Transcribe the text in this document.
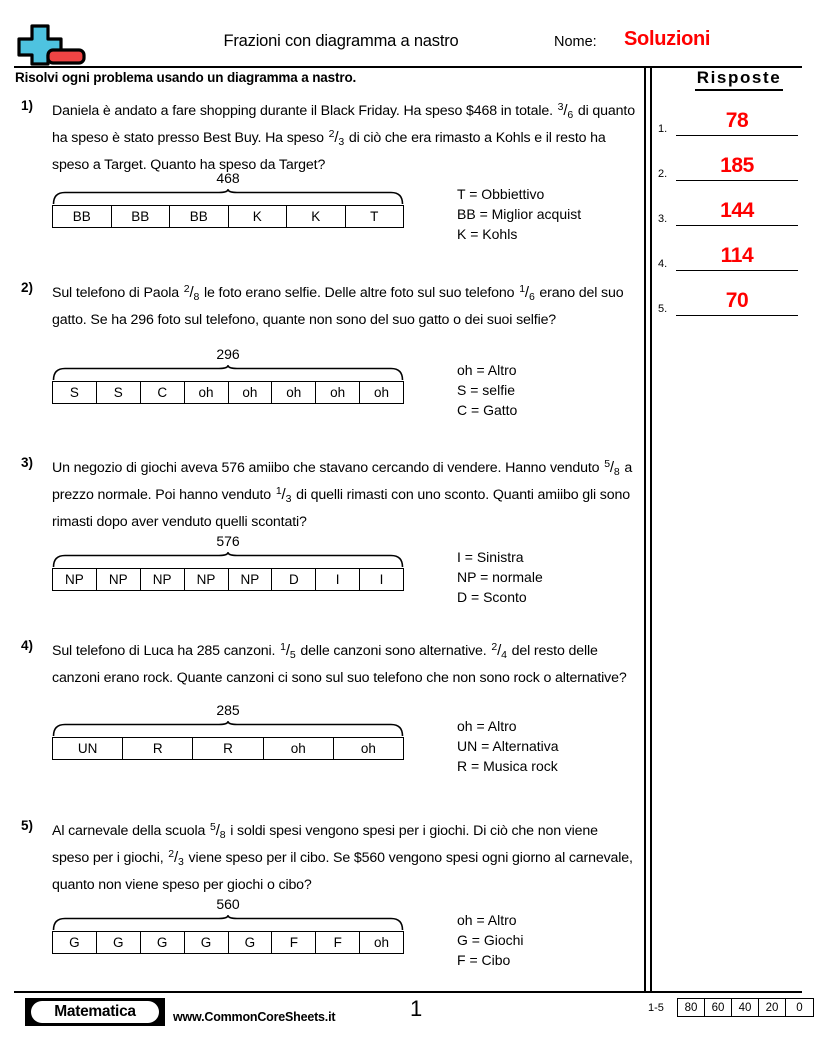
Frazioni con diagramma a nastro	Nome: Soluzioni
Risolvi ogni problema usando un diagramma a nastro.	Risposte
1.	78
2.	185
3.	144
4.	114
5.	70
1) Daniela è andato a fare shopping durante il Black Friday. Ha speso $468 in totale. $^3/_6$ di quanto ha speso è stato presso Best Buy. Ha speso $^2/_3$ di ciò che era rimasto a Kohls e il resto ha speso a Target. Quanto ha speso da Target?
468
BB	BB	BB	K	K	T
T = Obbiettivo
BB = Miglior acquist
K = Kohls
2) Sul telefono di Paola $^2/_8$ le foto erano selfie. Delle altre foto sul suo telefono $^1/_6$ erano del suo gatto. Se ha 296 foto sul telefono, quante non sono del suo gatto o dei suoi selfie?
296
S	S	C	oh	oh	oh	oh	oh
oh = Altro
S = selfie
C = Gatto
3) Un negozio di giochi aveva 576 amiibo che stavano cercando di vendere. Hanno venduto $^5/_8$ a prezzo normale. Poi hanno venduto $^1/_3$ di quelli rimasti con uno sconto. Quanti amiibo gli sono rimasti dopo aver venduto quelli scontati?
576
NP	NP	NP	NP	NP	D	I	I
I = Sinistra
NP = normale
D = Sconto
4) Sul telefono di Luca ha 285 canzoni. $^1/_5$ delle canzoni sono alternative. $^2/_4$ del resto delle canzoni erano rock. Quante canzoni ci sono sul suo telefono che non sono rock o alternative?
285
UN	R	R	oh	oh
oh = Altro
UN = Alternativa
R = Musica rock
5) Al carnevale della scuola $^5/_8$ i soldi spesi vengono spesi per i giochi. Di ciò che non viene speso per i giochi, $^2/_3$ viene speso per il cibo. Se $560 vengono spesi ogni giorno al carnevale, quanto non viene speso per giochi o cibo?
560
G	G	G	G	G	F	F	oh
oh = Altro
G = Giochi
F = Cibo
Matematica	www.CommonCoreSheets.it	1	1-5	80	60	40	20	0
